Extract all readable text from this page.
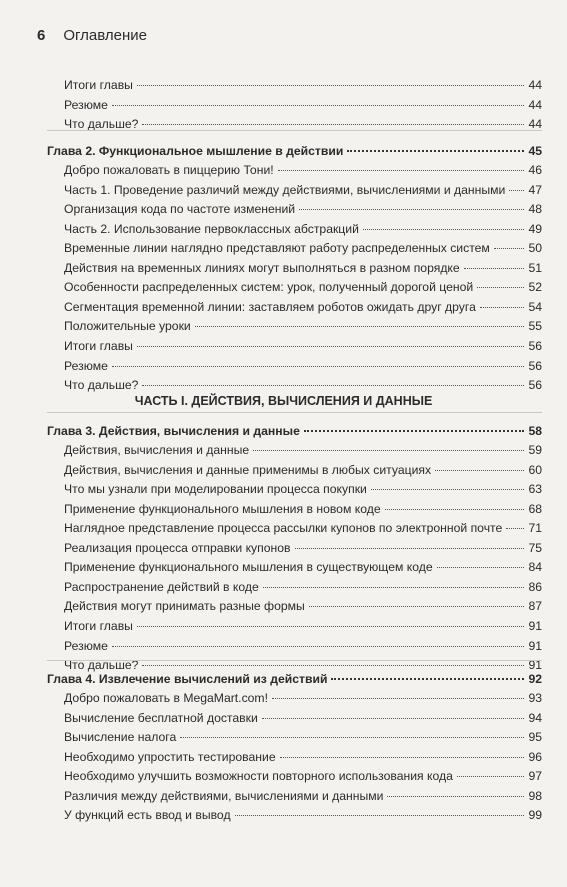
6 Оглавление
Итоги главы	44
Резюме	44
Что дальше?	44
Глава 2. Функциональное мышление в действии	45
Добро пожаловать в пиццерию Тони!	46
Часть 1. Проведение различий между действиями, вычислениями и данными 47
Организация кода по частоте изменений	48
Часть 2. Использование первоклассных абстракций	49
Временные линии наглядно представляют работу распределенных систем	50
Действия на временных линиях могут выполняться в разном порядке	51
Особенности распределенных систем: урок, полученный дорогой ценой	52
Сегментация временной линии: заставляем роботов ожидать друг друга	54
Положительные уроки	55
Итоги главы	56
Резюме	56
Что дальше?	56
ЧАСТЬ I. ДЕЙСТВИЯ, ВЫЧИСЛЕНИЯ И ДАННЫЕ
Глава 3. Действия, вычисления и данные	58
Действия, вычисления и данные	59
Действия, вычисления и данные применимы в любых ситуациях	60
Что мы узнали при моделировании процесса покупки	63
Применение функционального мышления в новом коде	68
Наглядное представление процесса рассылки купонов по электронной почте 71
Реализация процесса отправки купонов	75
Применение функционального мышления в существующем коде	84
Распространение действий в коде	86
Действия могут принимать разные формы	87
Итоги главы	91
Резюме	91
Что дальше?	91
Глава 4. Извлечение вычислений из действий	92
Добро пожаловать в MegaMart.com!	93
Вычисление бесплатной доставки	94
Вычисление налога	95
Необходимо упростить тестирование	96
Необходимо улучшить возможности повторного использования кода	97
Различия между действиями, вычислениями и данными	98
У функций есть ввод и вывод	99
